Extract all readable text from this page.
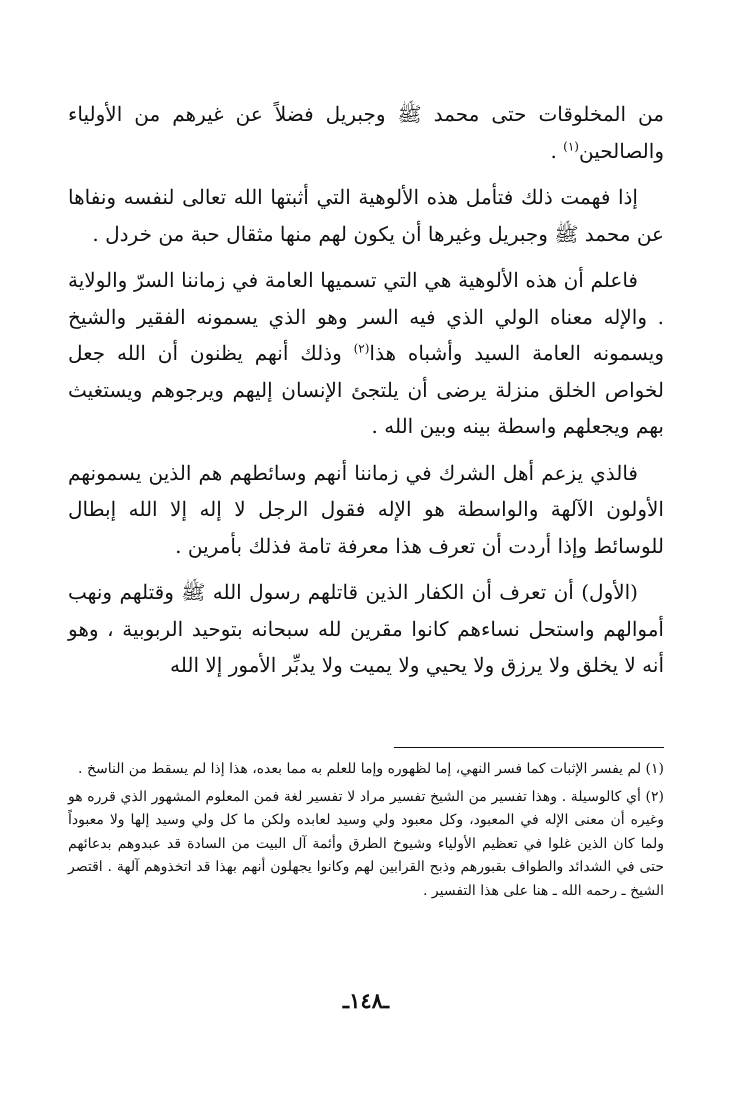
من المخلوقات حتى محمد ﷺ وجبريل فضلاً عن غيرهم من الأولياء والصالحين$^{(١)}$ .

إذا فهمت ذلك فتأمل هذه الألوهية التي أثبتها الله تعالى لنفسه ونفاها عن محمد ﷺ وجبريل وغيرها أن يكون لهم منها مثقال حبة من خردل .

فاعلم أن هذه الألوهية هي التي تسميها العامة في زماننا السرّ والولاية . والإله معناه الولي الذي فيه السر وهو الذي يسمونه الفقير والشيخ ويسمونه العامة السيد وأشباه هذا$^{(٢)}$ وذلك أنهم يظنون أن الله جعل لخواص الخلق منزلة يرضى أن يلتجئ الإنسان إليهم ويرجوهم ويستغيث بهم ويجعلهم واسطة بينه وبين الله .

فالذي يزعم أهل الشرك في زماننا أنهم وسائطهم هم الذين يسمونهم الأولون الآلهة والواسطة هو الإله فقول الرجل لا إله إلا الله إبطال للوسائط وإذا أردت أن تعرف هذا معرفة تامة فذلك بأمرين .

(الأول) أن تعرف أن الكفار الذين قاتلهم رسول الله ﷺ وقتلهم ونهب أموالهم واستحل نساءهم كانوا مقرين لله سبحانه بتوحيد الربوبية ، وهو أنه لا يخلق ولا يرزق ولا يحيي ولا يميت ولا يدبِّر الأمور إلا الله

(١) لم يفسر الإثبات كما فسر النهي، إما لظهوره وإما للعلم به مما بعده، هذا إذا لم يسقط من الناسخ .

(٢) أي كالوسيلة . وهذا تفسير من الشيخ تفسير مراد لا تفسير لغة فمن المعلوم المشهور الذي قرره هو وغيره أن معنى الإله في المعبود، وكل معبود ولي وسيد لعابده ولكن ما كل ولي وسيد إلها ولا معبوداً ولما كان الذين غلوا في تعظيم الأولياء وشيوخ الطرق وأئمة آل البيت من السادة قد عبدوهم بدعائهم حتى في الشدائد والطواف بقبورهم وذبح القرابين لهم وكانوا يجهلون أنهم بهذا قد اتخذوهم آلهة . اقتصر الشيخ ـ رحمه الله ـ هنا على هذا التفسير .

ـ١٤٨ـ
